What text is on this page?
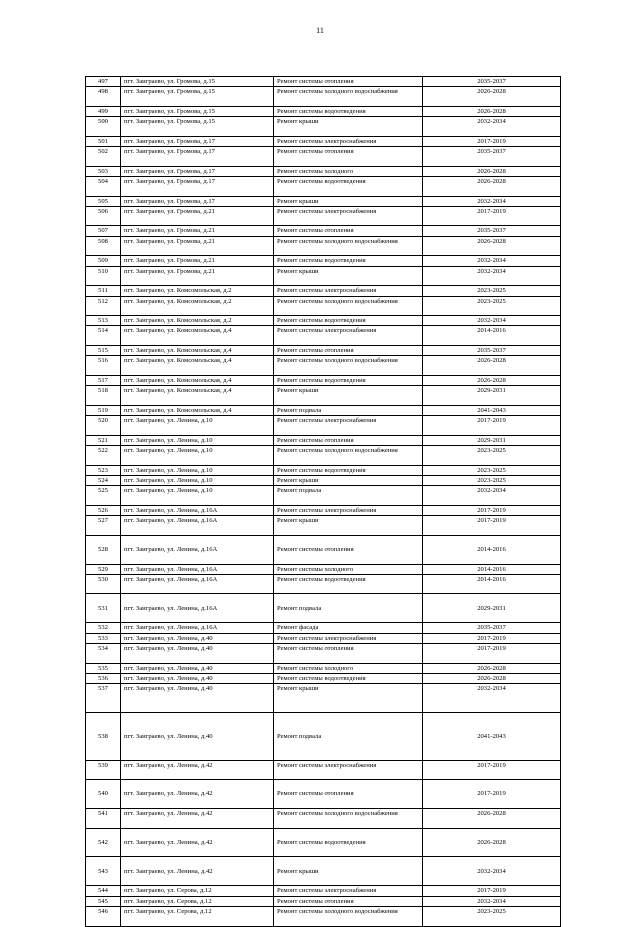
11
497	пгт. Заиграево, ул. Громова, д.15	Ремонт системы отопления	2035-2037
498	пгт. Заиграево, ул. Громова, д.15	Ремонт системы холодного водоснабжения	2026-2028
499	пгт. Заиграево, ул. Громова, д.15	Ремонт системы водоотведения	2026-2028
500	пгт. Заиграево, ул. Громова, д.15	Ремонт крыши	2032-2034
501	пгт. Заиграево, ул. Громова, д.17	Ремонт системы электроснабжения	2017-2019
502	пгт. Заиграево, ул. Громова, д.17	Ремонт системы отопления	2035-2037
503	пгт. Заиграево, ул. Громова, д.17	Ремонт системы холодного	2026-2028
504	пгт. Заиграево, ул. Громова, д.17	Ремонт системы водоотведения	2026-2028
505	пгт. Заиграево, ул. Громова, д.17	Ремонт крыши	2032-2034
506	пгт. Заиграево, ул. Громова, д.21	Ремонт системы электроснабжения	2017-2019
507	пгт. Заиграево, ул. Громова, д.21	Ремонт системы отопления	2035-2037
508	пгт. Заиграево, ул. Громова, д.21	Ремонт системы холодного водоснабжения	2026-2028
509	пгт. Заиграево, ул. Громова, д.21	Ремонт системы водоотведения	2032-2034
510	пгт. Заиграево, ул. Громова, д.21	Ремонт крыши	2032-2034
511	пгт. Заиграево, ул. Комсомольская, д.2	Ремонт системы электроснабжения	2023-2025
512	пгт. Заиграево, ул. Комсомольская, д.2	Ремонт системы холодного водоснабжения	2023-2025
513	пгт. Заиграево, ул. Комсомольская, д.2	Ремонт системы водоотведения	2032-2034
514	пгт. Заиграево, ул. Комсомольская, д.4	Ремонт системы электроснабжения	2014-2016
515	пгт. Заиграево, ул. Комсомольская, д.4	Ремонт системы отопления	2035-2037
516	пгт. Заиграево, ул. Комсомольская, д.4	Ремонт системы холодного водоснабжения	2026-2028
517	пгт. Заиграево, ул. Комсомольская, д.4	Ремонт системы водоотведения	2026-2028
518	пгт. Заиграево, ул. Комсомольская, д.4	Ремонт крыши	2029-2031
519	пгт. Заиграево, ул. Комсомольская, д.4	Ремонт подвала	2041-2043
520	пгт. Заиграево, ул. Ленина, д.10	Ремонт системы электроснабжения	2017-2019
521	пгт. Заиграево, ул. Ленина, д.10	Ремонт системы отопления	2029-2031
522	пгт. Заиграево, ул. Ленина, д.10	Ремонт системы холодного водоснабжения	2023-2025
523	пгт. Заиграево, ул. Ленина, д.10	Ремонт системы водоотведения	2023-2025
524	пгт. Заиграево, ул. Ленина, д.10	Ремонт крыши	2023-2025
525	пгт. Заиграево, ул. Ленина, д.10	Ремонт подвала	2032-2034
526	пгт. Заиграево, ул. Ленина, д.16А	Ремонт системы электроснабжения	2017-2019
527	пгт. Заиграево, ул. Ленина, д.16А	Ремонт крыши	2017-2019
528	пгт. Заиграево, ул. Ленина, д.16А	Ремонт системы отопления	2014-2016
529	пгт. Заиграево, ул. Ленина, д.16А	Ремонт системы холодного	2014-2016
530	пгт. Заиграево, ул. Ленина, д.16А	Ремонт системы водоотведения	2014-2016
531	пгт. Заиграево, ул. Ленина, д.16А	Ремонт подвала	2029-2031
532	пгт. Заиграево, ул. Ленина, д.16А	Ремонт фасада	2035-2037
533	пгт. Заиграево, ул. Ленина, д.40	Ремонт системы электроснабжения	2017-2019
534	пгт. Заиграево, ул. Ленина, д.40	Ремонт системы отопления	2017-2019
535	пгт. Заиграево, ул. Ленина, д.40	Ремонт системы холодного	2026-2028
536	пгт. Заиграево, ул. Ленина, д.40	Ремонт системы водоотведения	2026-2028
537	пгт. Заиграево, ул. Ленина, д.40	Ремонт крыши	2032-2034
538	пгт. Заиграево, ул. Ленина, д.40	Ремонт подвала	2041-2043
539	пгт. Заиграево, ул. Ленина, д.42	Ремонт системы электроснабжения	2017-2019
540	пгт. Заиграево, ул. Ленина, д.42	Ремонт системы отопления	2017-2019
541	пгт. Заиграево, ул. Ленина, д.42	Ремонт системы холодного водоснабжения	2026-2028
542	пгт. Заиграево, ул. Ленина, д.42	Ремонт системы водоотведения	2026-2028
543	пгт. Заиграево, ул. Ленина, д.42	Ремонт крыши	2032-2034
544	пгт. Заиграево, ул. Серова, д.12	Ремонт системы электроснабжения	2017-2019
545	пгт. Заиграево, ул. Серова, д.12	Ремонт системы отопления	2032-2034
546	пгт. Заиграево, ул. Серова, д.12	Ремонт системы холодного водоснабжения	2023-2025
